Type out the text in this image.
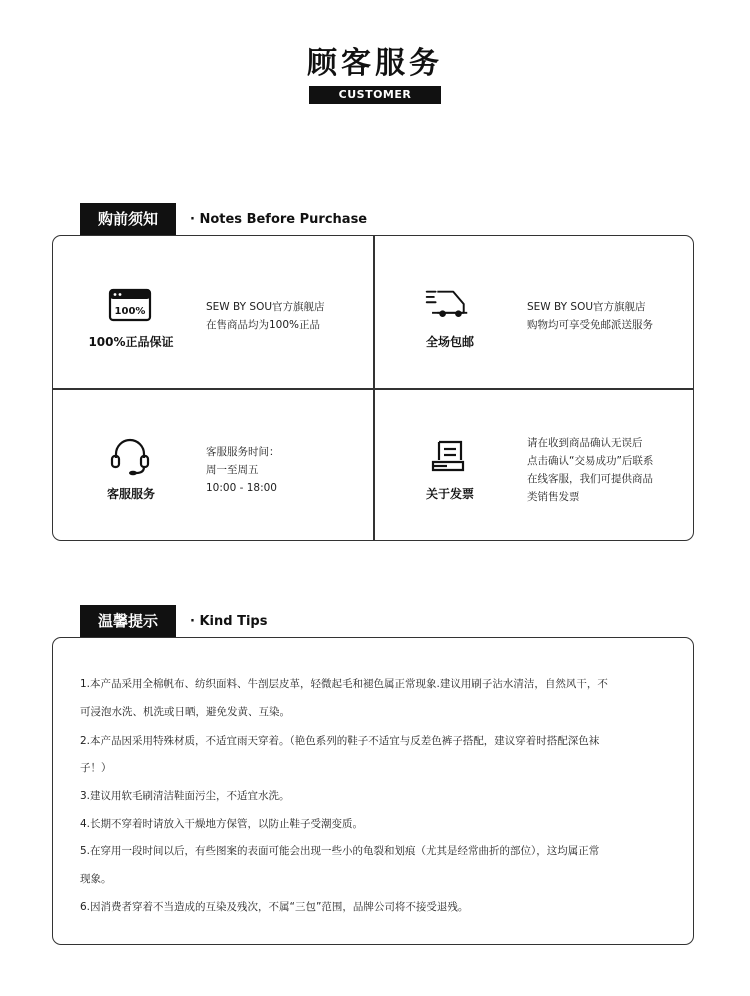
顾客服务
CUSTOMER SERVICE
购前须知	· Notes Before Purchase
100%
100%正品保证
SEW BY SOU官方旗舰店
在售商品均为100%正品
全场包邮
SEW BY SOU官方旗舰店
购物均可享受免邮派送服务
客服服务
客服服务时间：
周一至周五
10:00 - 18:00	关于发票
请在收到商品确认无误后
点击确认“交易成功”后联系
在线客服，我们可提供商品
类销售发票
温馨提示	· Kind Tips
1.本产品采用全棉帆布、纺织面料、牛剖层皮革，轻微起毛和褪色属正常现象.建议用刷子沾水清洁，自然风干，不
可浸泡水洗、机洗或日晒，避免发黄、互染。
2.本产品因采用特殊材质，不适宜雨天穿着。（艳色系列的鞋子不适宜与反差色裤子搭配，建议穿着时搭配深色袜
子！）
3.建议用软毛刷清洁鞋面污尘，不适宜水洗。
4.长期不穿着时请放入干燥地方保管，以防止鞋子受潮变质。
5.在穿用一段时间以后，有些图案的表面可能会出现一些小的龟裂和划痕（尤其是经常曲折的部位），这均属正常
现象。
6.因消费者穿着不当造成的互染及残次，不属“三包”范围，品牌公司将不接受退残。
